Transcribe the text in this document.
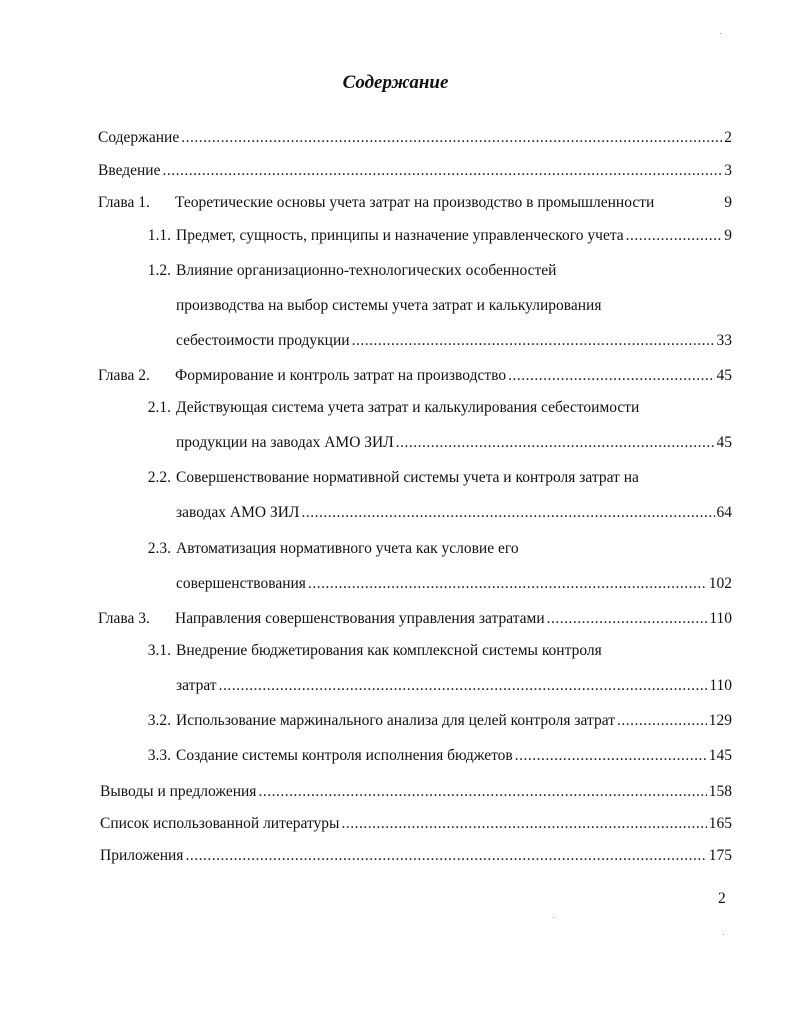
Содержание
Содержание .....	2
Введение .....	3
Глава 1.	Теоретические основы учета затрат на производство в промышленности	9
1.1. Предмет, сущность, принципы и назначение управленческого учета .....	9
1.2. Влияние организационно-технологических особенностей
производства на выбор системы учета затрат и калькулирования
себестоимости продукции .....	33
Глава 2.	Формирование и контроль затрат на производство .....	45
2.1. Действующая система учета затрат и калькулирования себестоимости
продукции на заводах АМО ЗИЛ .....	45
2.2. Совершенствование нормативной системы учета и контроля затрат на
заводах АМО ЗИЛ .....	64
2.3. Автоматизация нормативного учета как условие его
совершенствования .....	102
Глава 3.	Направления совершенствования управления затратами .....	110
3.1. Внедрение бюджетирования как комплексной системы контроля
затрат .....	110
3.2. Использование маржинального анализа для целей контроля затрат .....	129
3.3. Создание системы контроля исполнения бюджетов .....	145
Выводы и предложения .....	158
Список использованной литературы .....	165
Приложения .....	175
2
